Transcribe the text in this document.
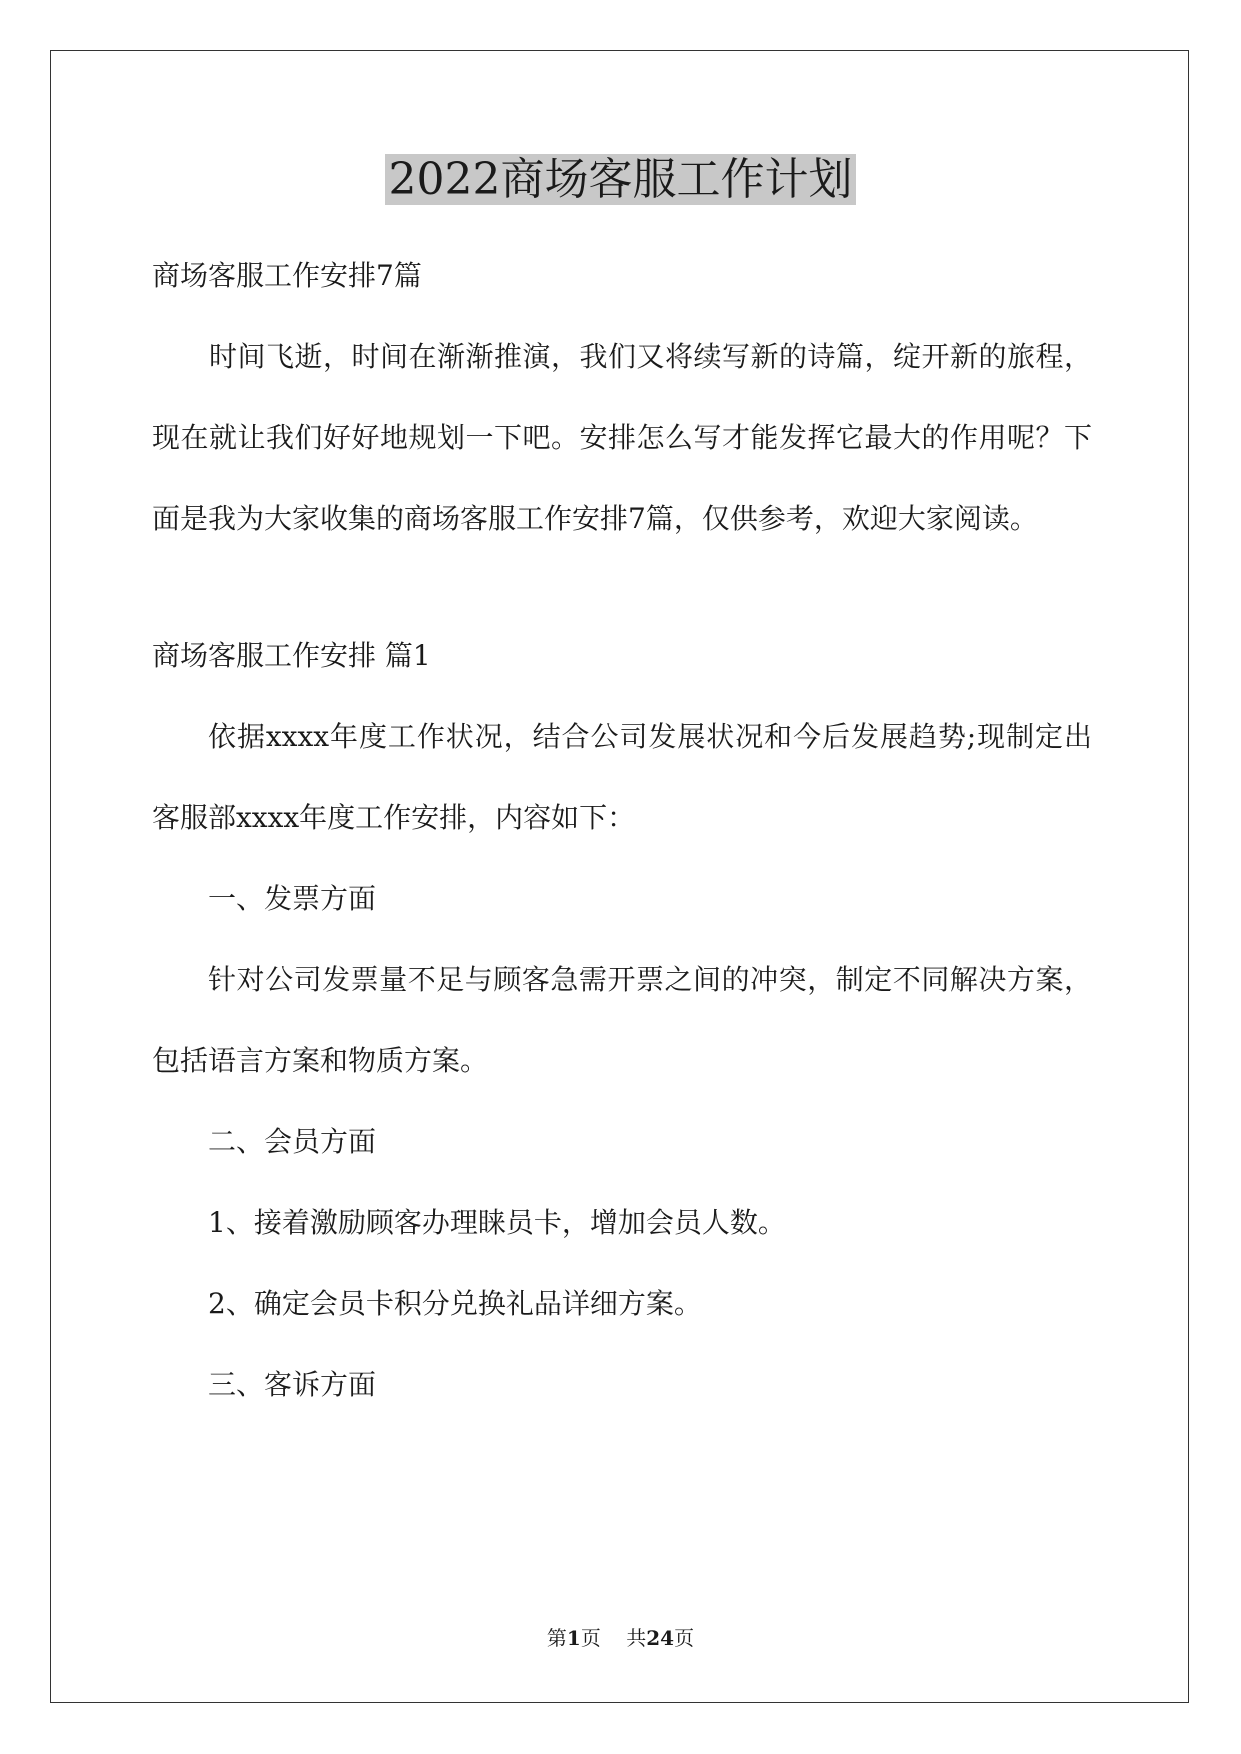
2022商场客服工作计划

商场客服工作安排7篇

　　时间飞逝，时间在渐渐推演，我们又将续写新的诗篇，绽开新的旅程，现在就让我们好好地规划一下吧。安排怎么写才能发挥它最大的作用呢？下面是我为大家收集的商场客服工作安排7篇，仅供参考，欢迎大家阅读。

商场客服工作安排 篇1

依据xxxx年度工作状况，结合公司发展状况和今后发展趋势;现制定出客服部xxxx年度工作安排，内容如下：

一、发票方面

针对公司发票量不足与顾客急需开票之间的冲突，制定不同解决方案，包括语言方案和物质方案。

二、会员方面

1、接着激励顾客办理睐员卡，增加会员人数。

2、确定会员卡积分兑换礼品详细方案。

三、客诉方面

第1页 共24页
